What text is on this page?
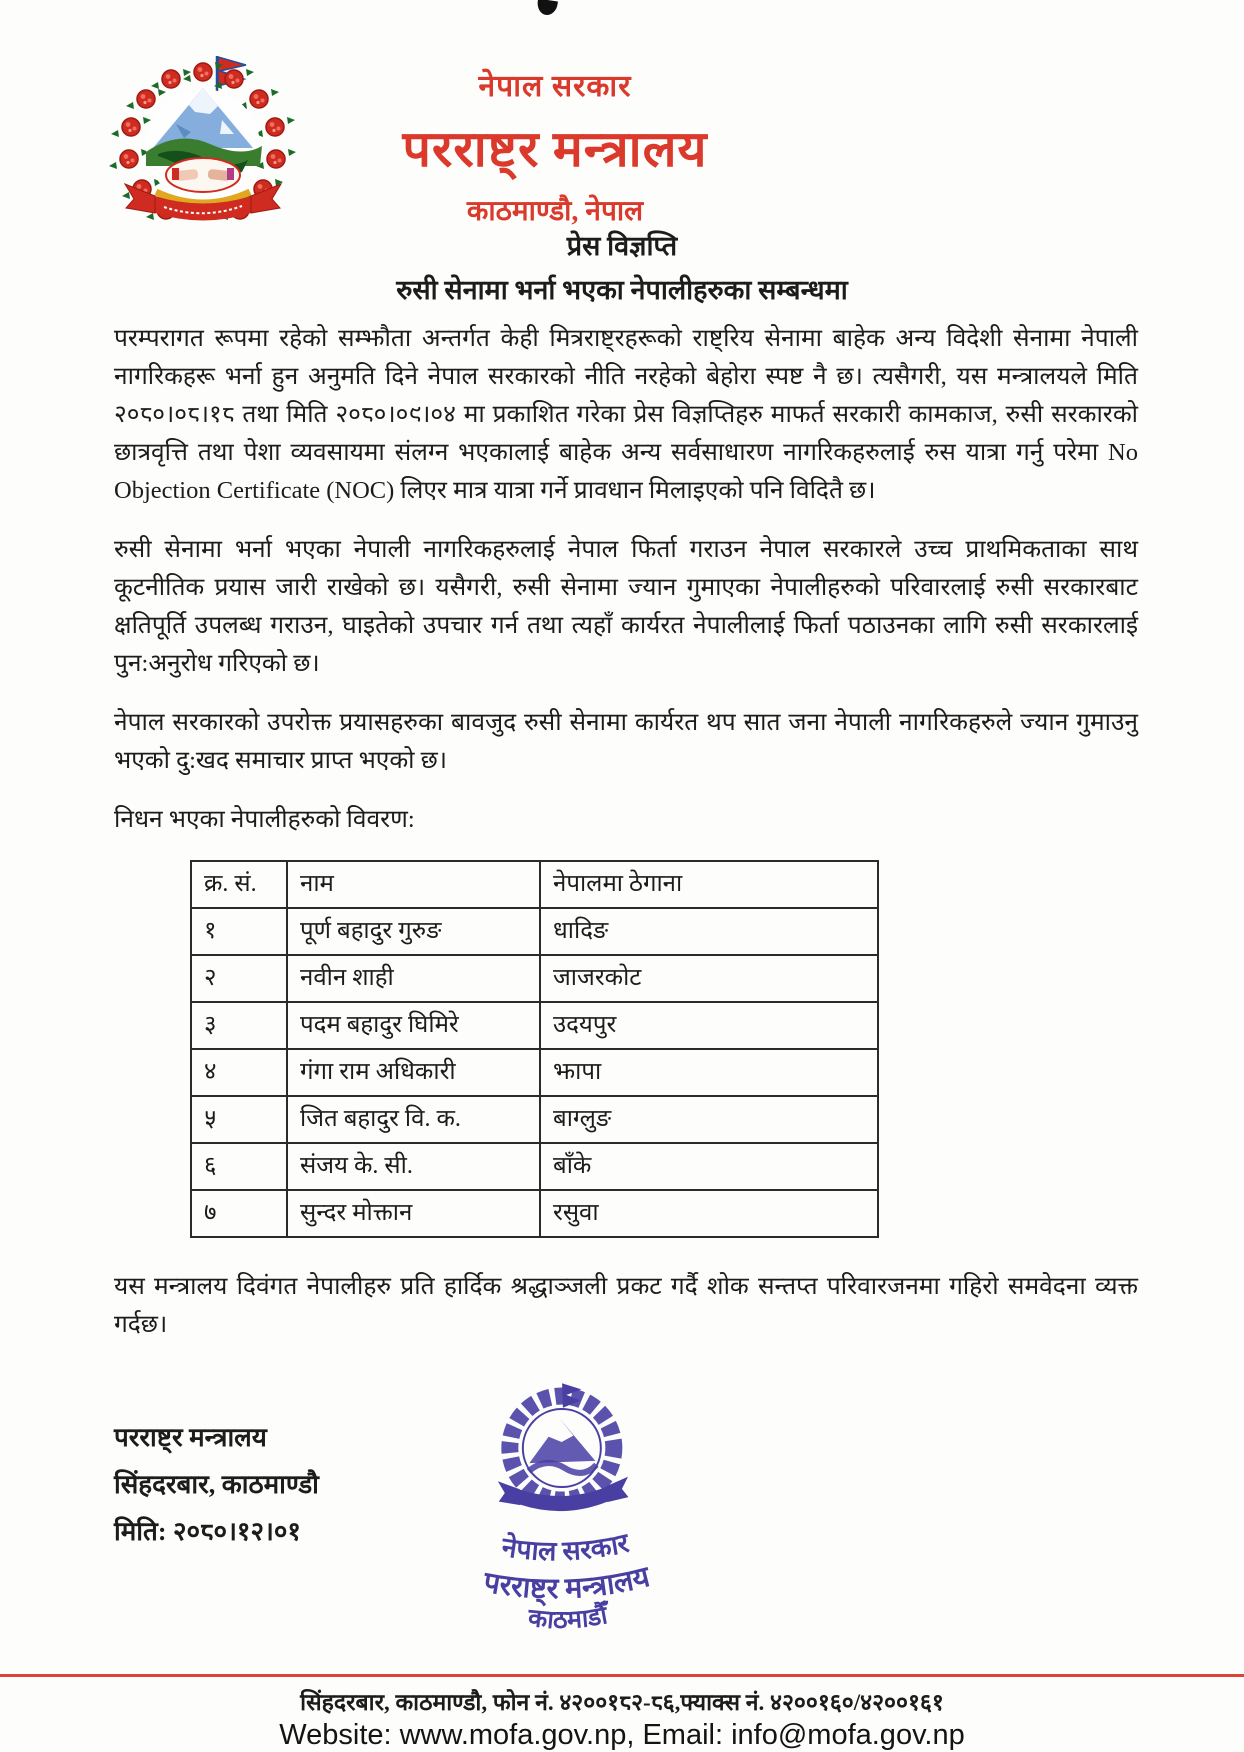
नेपाल सरकार
परराष्ट्र मन्त्रालय
काठमाण्डौ, नेपाल
प्रेस विज्ञप्ति
रुसी सेनामा भर्ना भएका नेपालीहरुका सम्बन्धमा

परम्परागत रूपमा रहेको सम्झौता अन्तर्गत केही मित्रराष्ट्रहरूको राष्ट्रिय सेनामा बाहेक अन्य विदेशी सेनामा नेपाली नागरिकहरू भर्ना हुन अनुमति दिने नेपाल सरकारको नीति नरहेको बेहोरा स्पष्ट नै छ। त्यसैगरी, यस मन्त्रालयले मिति २०८०।०८।१८ तथा मिति २०८०।०९।०४ मा प्रकाशित गरेका प्रेस विज्ञप्तिहरु माफर्त सरकारी कामकाज, रुसी सरकारको छात्रवृत्ति तथा पेशा व्यवसायमा संलग्न भएकालाई बाहेक अन्य सर्वसाधारण नागरिकहरुलाई रुस यात्रा गर्नु परेमा No Objection Certificate (NOC) लिएर मात्र यात्रा गर्ने प्रावधान मिलाइएको पनि विदितै छ।

रुसी सेनामा भर्ना भएका नेपाली नागरिकहरुलाई नेपाल फिर्ता गराउन नेपाल सरकारले उच्च प्राथमिकताका साथ कूटनीतिक प्रयास जारी राखेको छ। यसैगरी, रुसी सेनामा ज्यान गुमाएका नेपालीहरुको परिवारलाई रुसी सरकारबाट क्षतिपूर्ति उपलब्ध गराउन, घाइतेको उपचार गर्न तथा त्यहाँ कार्यरत नेपालीलाई फिर्ता पठाउनका लागि रुसी सरकारलाई पुन:अनुरोध गरिएको छ।

नेपाल सरकारको उपरोक्त प्रयासहरुका बावजुद रुसी सेनामा कार्यरत थप सात जना नेपाली नागरिकहरुले ज्यान गुमाउनु भएको दु:खद समाचार प्राप्त भएको छ।

निधन भएका नेपालीहरुको विवरण:

क्र. सं.	नाम	नेपालमा ठेगाना
१	पूर्ण बहादुर गुरुङ	धादिङ
२	नवीन शाही	जाजरकोट
३	पदम बहादुर घिमिरे	उदयपुर
४	गंगा राम अधिकारी	झापा
५	जित बहादुर वि. क.	बाग्लुङ
६	संजय के. सी.	बाँके
७	सुन्दर मोक्तान	रसुवा

यस मन्त्रालय दिवंगत नेपालीहरु प्रति हार्दिक श्रद्धाञ्जली प्रकट गर्दै शोक सन्तप्त परिवारजनमा गहिरो समवेदना व्यक्त गर्दछ।

परराष्ट्र मन्त्रालय
सिंहदरबार, काठमाण्डौ
मिति: २०८०।१२।०१
नेपाल सरकार
परराष्ट्र मन्त्रालय
काठमाडौँ
सिंहदरबार, काठमाण्डौ, फोन नं. ४२००१८२-८६,फ्याक्स नं. ४२००१६०/४२००१६१
Website: www.mofa.gov.np, Email: info@mofa.gov.np
